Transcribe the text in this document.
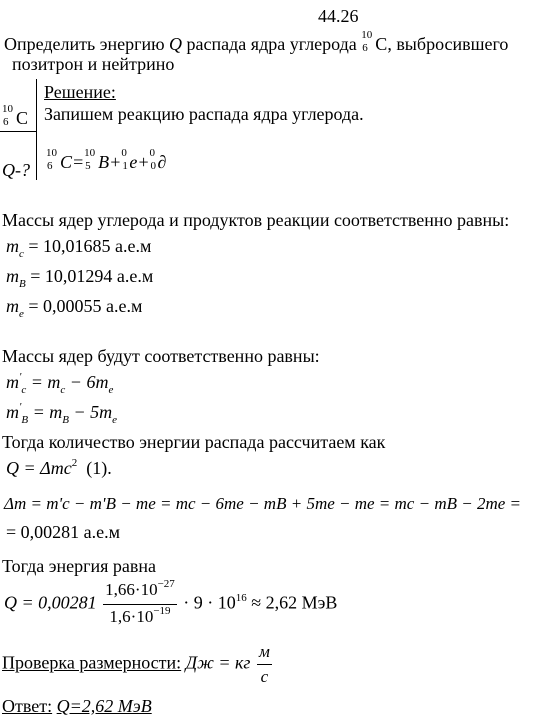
44.26
Определить энергию Q распада ядра углерода 10
6 C, выбросившего
позитрон и нейтрино
10
6 C
Q-?
Решение:
Запишем реакцию распада ядра углерода.
10
6 C= 10
5 B+ 0
1 e+ 0
0 ∂
Массы ядер углерода и продуктов реакции соответственно равны:
$m_c = 10,01685$ а.е.м
$m_B = 10,01294$ а.е.м
$m_e = 0,00055$ а.е.м
Массы ядер будут соответственно равны:
$m'_c = m_c - 6m_e$
$m'_B = m_B - 5m_e$
Тогда количество энергии распада рассчитаем как
Q = Δmc$^2$ (1).
Δm = m'c − m'B − me = mc − 6me − mB + 5me − me = mc − mB − 2me =
= 0,00281 а.е.м
Тогда энергия равна
$Q = 0,00281 \frac{1,66\cdot 10^{-27}}{1,6\cdot 10^{-19}} \cdot 9 \cdot 10^{16} \approx 2,62$ МэВ
Проверка размерности: Дж = кг $\frac{м}{с}$
Ответ: Q=2,62 МэВ
